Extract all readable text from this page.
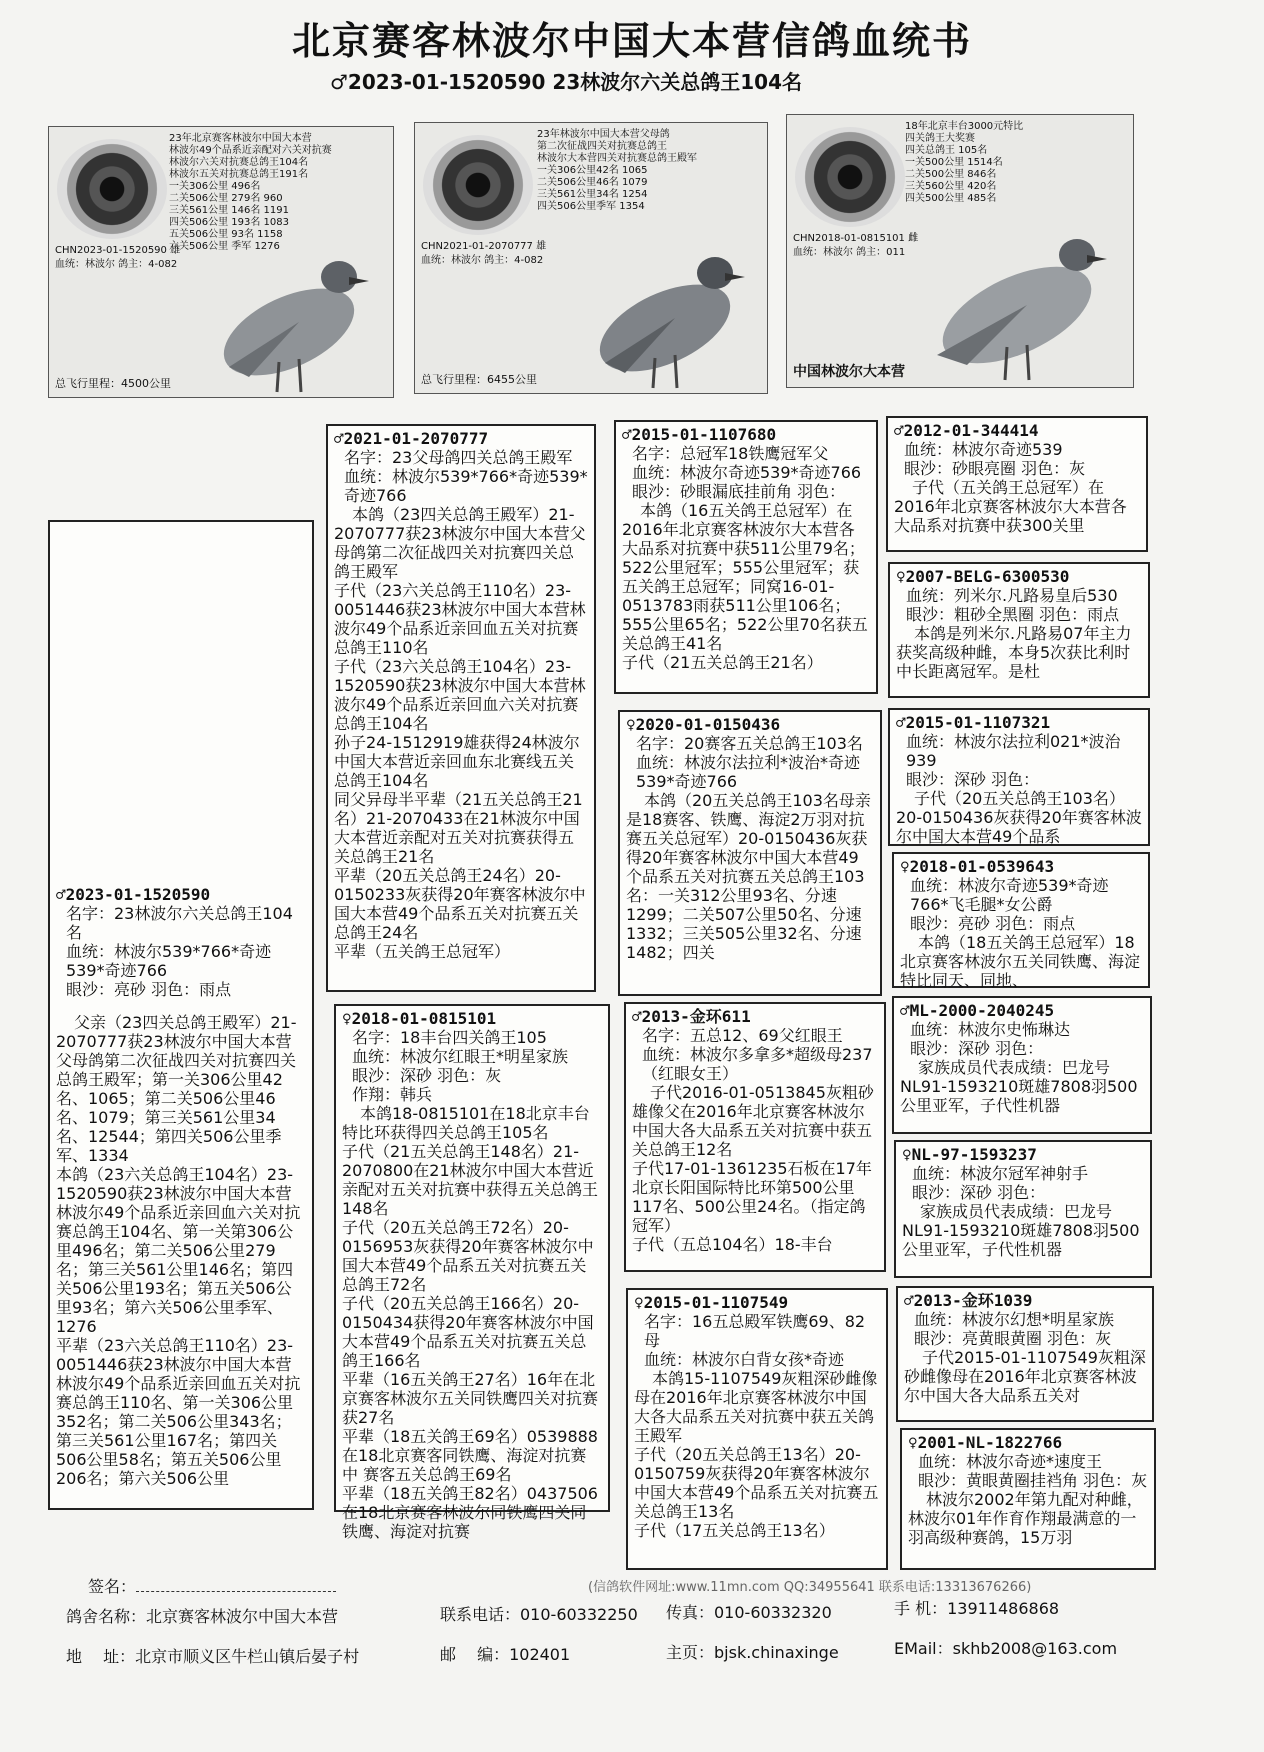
北京赛客林波尔中国大本营信鸽血统书
♂2023-01-1520590 23林波尔六关总鸽王104名
23年北京赛客林波尔中国大本营
林波尔49个品系近亲配对六关对抗赛
林波尔六关对抗赛总鸽王104名
林波尔五关对抗赛总鸽王191名
一关306公里 496名
二关506公里 279名 960
三关561公里 146名 1191
四关506公里 193名 1083
五关506公里 93名 1158
六关506公里 季军 1276
CHN2023-01-1520590 雄
血统：林波尔 鸽主：4-082
总飞行里程：4500公里
23年林波尔中国大本营父母鸽
第二次征战四关对抗赛总鸽王
林波尔大本营四关对抗赛总鸽王殿军
一关306公里42名 1065
二关506公里46名 1079
三关561公里34名 1254
四关506公里季军 1354
CHN2021-01-2070777 雄
血统：林波尔 鸽主：4-082
总飞行里程：6455公里
18年北京丰台3000元特比
四关鸽王大奖赛
四关总鸽王 105名
一关500公里 1514名
二关500公里 846名
三关560公里 420名
四关500公里 485名
CHN2018-01-0815101 雌
血统：林波尔 鸽主：011
中国林波尔大本营
♂2023-01-1520590
名字：23林波尔六关总鸽王104名
血统：林波尔539*766*奇迹539*奇迹766
眼沙：亮砂 羽色：雨点
父亲（23四关总鸽王殿军）21-2070777获23林波尔中国大本营父母鸽第二次征战四关对抗赛四关总鸽王殿军；第一关306公里42名、1065；第二关506公里46名、1079；第三关561公里34名、12544；第四关506公里季军、1334
本鸽（23六关总鸽王104名）23-1520590获23林波尔中国大本营林波尔49个品系近亲回血六关对抗赛总鸽王104名、第一关第306公里496名；第二关506公里279名；第三关561公里146名；第四关506公里193名；第五关506公里93名；第六关506公里季军、1276
平辈（23六关总鸽王110名）23-0051446获23林波尔中国大本营林波尔49个品系近亲回血五关对抗赛总鸽王110名、第一关306公里352名；第二关506公里343名；第三关561公里167名；第四关506公里58名；第五关506公里206名；第六关506公里
♂2021-01-2070777
名字：23父母鸽四关总鸽王殿军
血统：林波尔539*766*奇迹539*奇迹766
本鸽（23四关总鸽王殿军）21-2070777获23林波尔中国大本营父母鸽第二次征战四关对抗赛四关总鸽王殿军
子代（23六关总鸽王110名）23-0051446获23林波尔中国大本营林波尔49个品系近亲回血五关对抗赛总鸽王110名
子代（23六关总鸽王104名）23-1520590获23林波尔中国大本营林波尔49个品系近亲回血六关对抗赛总鸽王104名
孙子24-1512919雄获得24林波尔中国大本营近亲回血东北赛线五关总鸽王104名
同父异母半平辈（21五关总鸽王21名）21-2070433在21林波尔中国大本营近亲配对五关对抗赛获得五关总鸽王21名
平辈（20五关总鸽王24名）20-0150233灰获得20年赛客林波尔中国大本营49个品系五关对抗赛五关总鸽王24名
平辈（五关鸽王总冠军）
♀2018-01-0815101
名字：18丰台四关鸽王105
血统：林波尔红眼王*明星家族
眼沙：深砂 羽色：灰
作翔：韩兵
本鸽18-0815101在18北京丰台特比环获得四关总鸽王105名
子代（21五关总鸽王148名）21-2070800在21林波尔中国大本营近亲配对五关对抗赛中获得五关总鸽王148名
子代（20五关总鸽王72名）20-0156953灰获得20年赛客林波尔中国大本营49个品系五关对抗赛五关总鸽王72名
子代（20五关总鸽王166名）20-0150434获得20年赛客林波尔中国大本营49个品系五关对抗赛五关总鸽王166名
平辈（16五关鸽王27名）16年在北京赛客林波尔五关同铁鹰四关对抗赛获27名
平辈（18五关鸽王69名）0539888在18北京赛客同铁鹰、海淀对抗赛中 赛客五关总鸽王69名
平辈（18五关鸽王82名）0437506在18北京赛客林波尔同铁鹰四关同铁鹰、海淀对抗赛
♂2015-01-1107680
名字：总冠军18铁鹰冠军父
血统：林波尔奇迹539*奇迹766
眼沙：砂眼漏底挂前角 羽色：
本鸽（16五关鸽王总冠军）在2016年北京赛客林波尔大本营各大品系对抗赛中获511公里79名；522公里冠军；555公里冠军；获五关鸽王总冠军；同窝16-01-0513783雨获511公里106名；555公里65名；522公里70名获五关总鸽王41名
子代（21五关总鸽王21名）
♀2020-01-0150436
名字：20赛客五关总鸽王103名
血统：林波尔法拉利*波治*奇迹539*奇迹766
本鸽（20五关总鸽王103名母亲是18赛客、铁鹰、海淀2万羽对抗赛五关总冠军）20-0150436灰获得20年赛客林波尔中国大本营49个品系五关对抗赛五关总鸽王103名：一关312公里93名、分速1299；二关507公里50名、分速1332；三关505公里32名、分速1482；四关
♂2013-金环611
名字：五总12、69父红眼王
血统：林波尔多拿多*超级母237（红眼女王）
子代2016-01-0513845灰粗砂雄像父在2016年北京赛客林波尔中国大各大品系五关对抗赛中获五关总鸽王12名
子代17-01-1361235石板在17年北京长阳国际特比环第500公里117名、500公里24名。（指定鸽冠军）
子代（五总104名）18-丰台
♀2015-01-1107549
名字：16五总殿军铁鹰69、82母
血统：林波尔白背女孩*奇迹
本鸽15-1107549灰粗深砂雌像母在2016年北京赛客林波尔中国大各大品系五关对抗赛中获五关鸽王殿军
子代（20五关总鸽王13名）20-0150759灰获得20年赛客林波尔中国大本营49个品系五关对抗赛五关总鸽王13名
子代（17五关总鸽王13名）
♂2012-01-344414
血统：林波尔奇迹539
眼沙：砂眼亮圈 羽色：灰
子代（五关鸽王总冠军）在2016年北京赛客林波尔大本营各大品系对抗赛中获300关里
♀2007-BELG-6300530
血统：列米尔.凡路易皇后530
眼沙：粗砂全黑圈 羽色：雨点
本鸽是列米尔.凡路易07年主力获奖高级种雌，本身5次获比利时中长距离冠军。是杜
♂2015-01-1107321
血统：林波尔法拉利021*波治939
眼沙：深砂 羽色：
子代（20五关总鸽王103名）20-0150436灰获得20年赛客林波尔中国大本营49个品系
♀2018-01-0539643
血统：林波尔奇迹539*奇迹766*飞毛腿*女公爵
眼沙：亮砂 羽色：雨点
本鸽（18五关鸽王总冠军）18北京赛客林波尔五关同铁鹰、海淀特比同天、同地、
♂ML-2000-2040245
血统：林波尔史怖琳达
眼沙：深砂 羽色：
家族成员代表成绩：巴龙号NL91-1593210斑雄7808羽500公里亚军，子代性机器
♀NL-97-1593237
血统：林波尔冠军神射手
眼沙：深砂 羽色：
家族成员代表成绩：巴龙号NL91-1593210斑雄7808羽500公里亚军，子代性机器
♂2013-金环1039
血统：林波尔幻想*明星家族
眼沙：亮黄眼黄圈 羽色：灰
子代2015-01-1107549灰粗深砂雌像母在2016年北京赛客林波尔中国大各大品系五关对
♀2001-NL-1822766
血统：林波尔奇迹*速度王
眼沙：黄眼黄圈挂裆角 羽色：灰
林波尔2002年第九配对种雌，林波尔01年作育作翔最满意的一羽高级种赛鸽，15万羽
签名：	(信鸽软件网址:www.11mn.com QQ:34955641 联系电话:13313676266)
鸽舍名称：北京赛客林波尔中国大本营	联系电话：010-60332250 传真：010-60332320	手 机：13911486868
地　 址：北京市顺义区牛栏山镇后晏子村	邮　 编：102401	主页：bjsk.chinaxinge	EMail：skhb2008@163.com
